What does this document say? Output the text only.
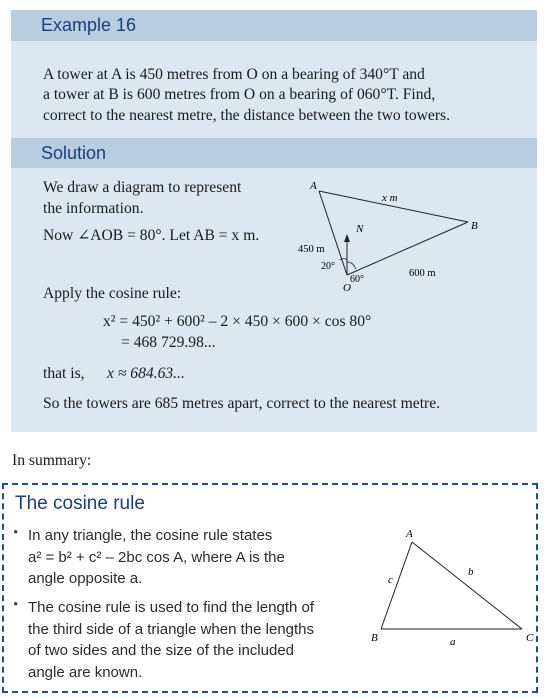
Example 16
A tower at A is 450 metres from O on a bearing of 340°T and
a tower at B is 600 metres from O on a bearing of 060°T. Find,
correct to the nearest metre, the distance between the two towers.
Solution
We draw a diagram to represent
the information.
Now ∠AOB = 80°. Let AB = x m.
Apply the cosine rule:
x² = 450² + 600² – 2 × 450 × 600 × cos 80°
= 468 729.98...
that is, x ≈ 684.63...
So the towers are 685 metres apart, correct to the nearest metre.
A
B
O
N
x m
450 m
600 m
20°
60°
In summary:
The cosine rule
• In any triangle, the cosine rule states
a² = b² + c² – 2bc cos A, where A is the
angle opposite a.
• The cosine rule is used to find the length of
the third side of a triangle when the lengths
of two sides and the size of the included
angle are known.
A
B	C
a
b
c
